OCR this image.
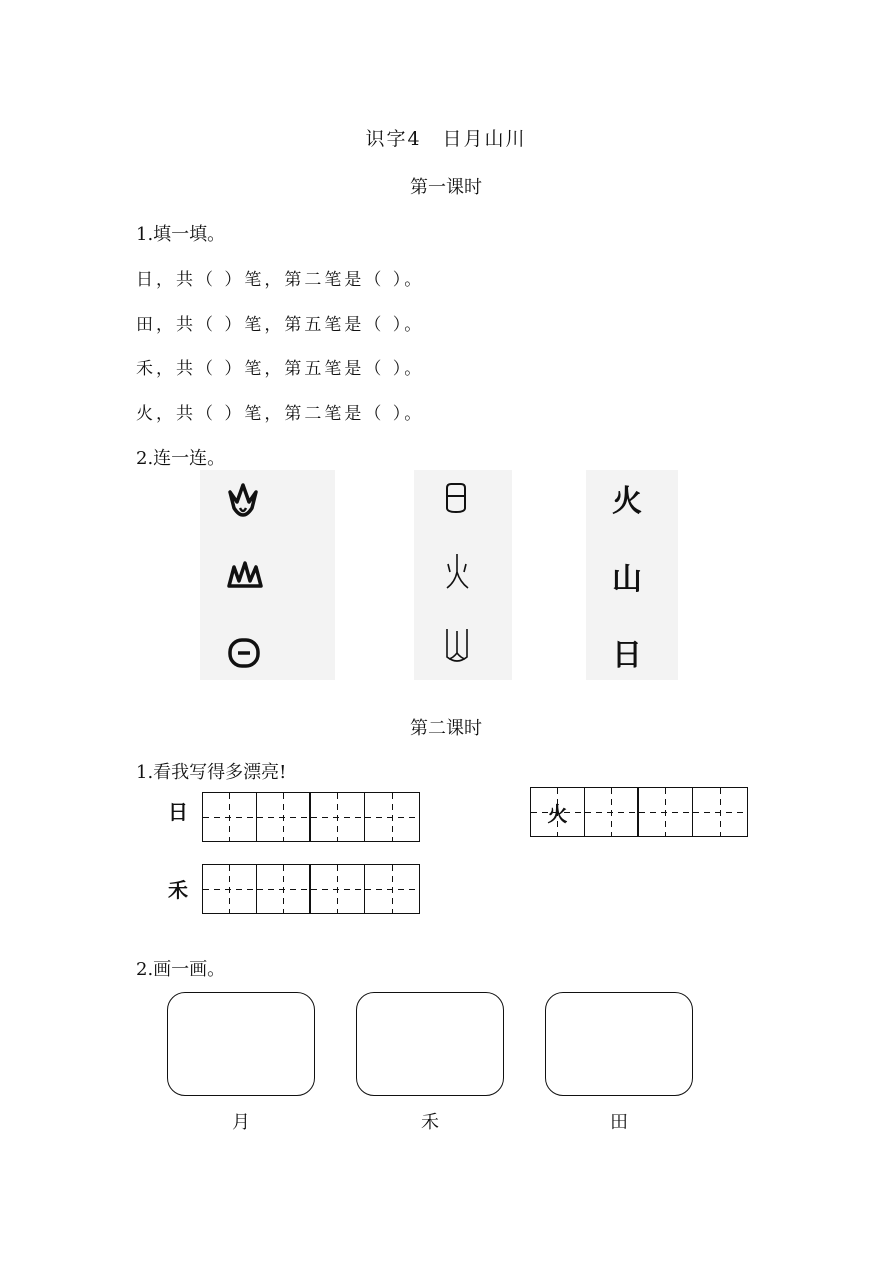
识字4　日月山川
第一课时
1.填一填。
日，共（ ）笔，第二笔是（ ）。
田，共（ ）笔，第五笔是（ ）。
禾，共（ ）笔，第五笔是（ ）。
火，共（ ）笔，第二笔是（ ）。
2.连一连。
火
山
日
第二课时
1.看我写得多漂亮!
日
禾
火
2.画一画。
月	禾	田
